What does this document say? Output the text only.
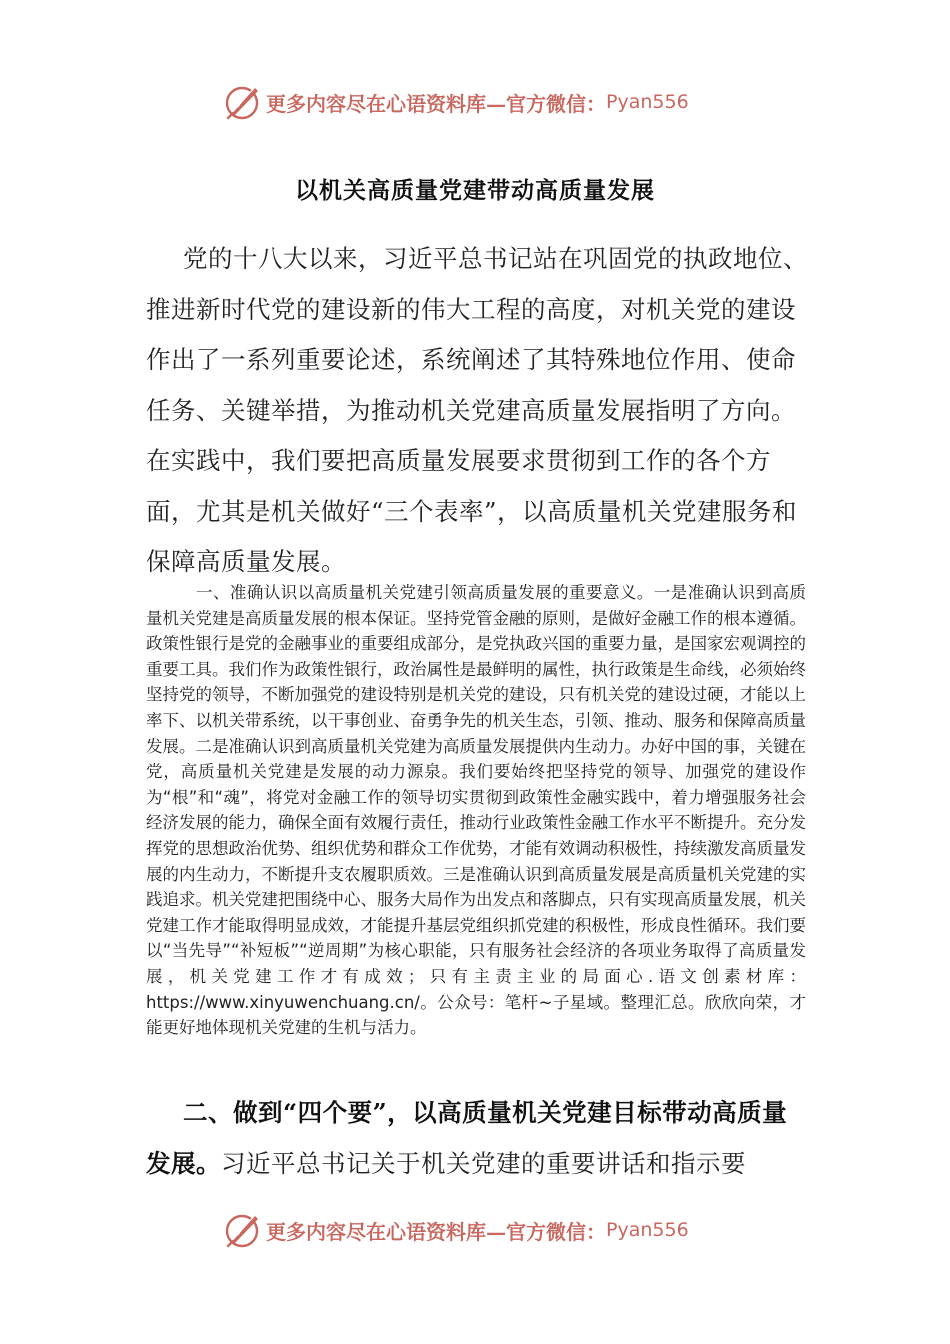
更多内容尽在心语资料库—官方微信： Pyan556
以机关高质量党建带动高质量发展

党的十八大以来，习近平总书记站在巩固党的执政地位、推进新时代党的建设新的伟大工程的高度，对机关党的建设作出了一系列重要论述，系统阐述了其特殊地位作用、使命任务、关键举措，为推动机关党建高质量发展指明了方向。在实践中，我们要把高质量发展要求贯彻到工作的各个方面，尤其是机关做好“三个表率”，以高质量机关党建服务和保障高质量发展。

一、准确认识以高质量机关党建引领高质量发展的重要意义。一是准确认识到高质量机关党建是高质量发展的根本保证。坚持党管金融的原则，是做好金融工作的根本遵循。政策性银行是党的金融事业的重要组成部分，是党执政兴国的重要力量，是国家宏观调控的重要工具。我们作为政策性银行，政治属性是最鲜明的属性，执行政策是生命线，必须始终坚持党的领导，不断加强党的建设特别是机关党的建设，只有机关党的建设过硬，才能以上率下、以机关带系统，以干事创业、奋勇争先的机关生态，引领、推动、服务和保障高质量发展。二是准确认识到高质量机关党建为高质量发展提供内生动力。办好中国的事，关键在党，高质量机关党建是发展的动力源泉。我们要始终把坚持党的领导、加强党的建设作为“根”和“魂”，将党对金融工作的领导切实贯彻到政策性金融实践中，着力增强服务社会经济发展的能力，确保全面有效履行责任，推动行业政策性金融工作水平不断提升。充分发挥党的思想政治优势、组织优势和群众工作优势，才能有效调动积极性，持续激发高质量发展的内生动力，不断提升支农履职质效。三是准确认识到高质量发展是高质量机关党建的实践追求。机关党建把围绕中心、服务大局作为出发点和落脚点，只有实现高质量发展，机关党建工作才能取得明显成效，才能提升基层党组织抓党建的积极性，形成良性循环。我们要以“当先导”“补短板”“逆周期”为核心职能，只有服务社会经济的各项业务取得了高质量发展，机关党建工作才有成效；只有主责主业的局面心.语文创素材库：https://www.xinyuwenchuang.cn/。公众号：笔杆~子星域。整理汇总。欣欣向荣，才能更好地体现机关党建的生机与活力。

二、做到“四个要”，以高质量机关党建目标带动高质量发展。习近平总书记关于机关党建的重要讲话和指示要

更多内容尽在心语资料库—官方微信： Pyan556
